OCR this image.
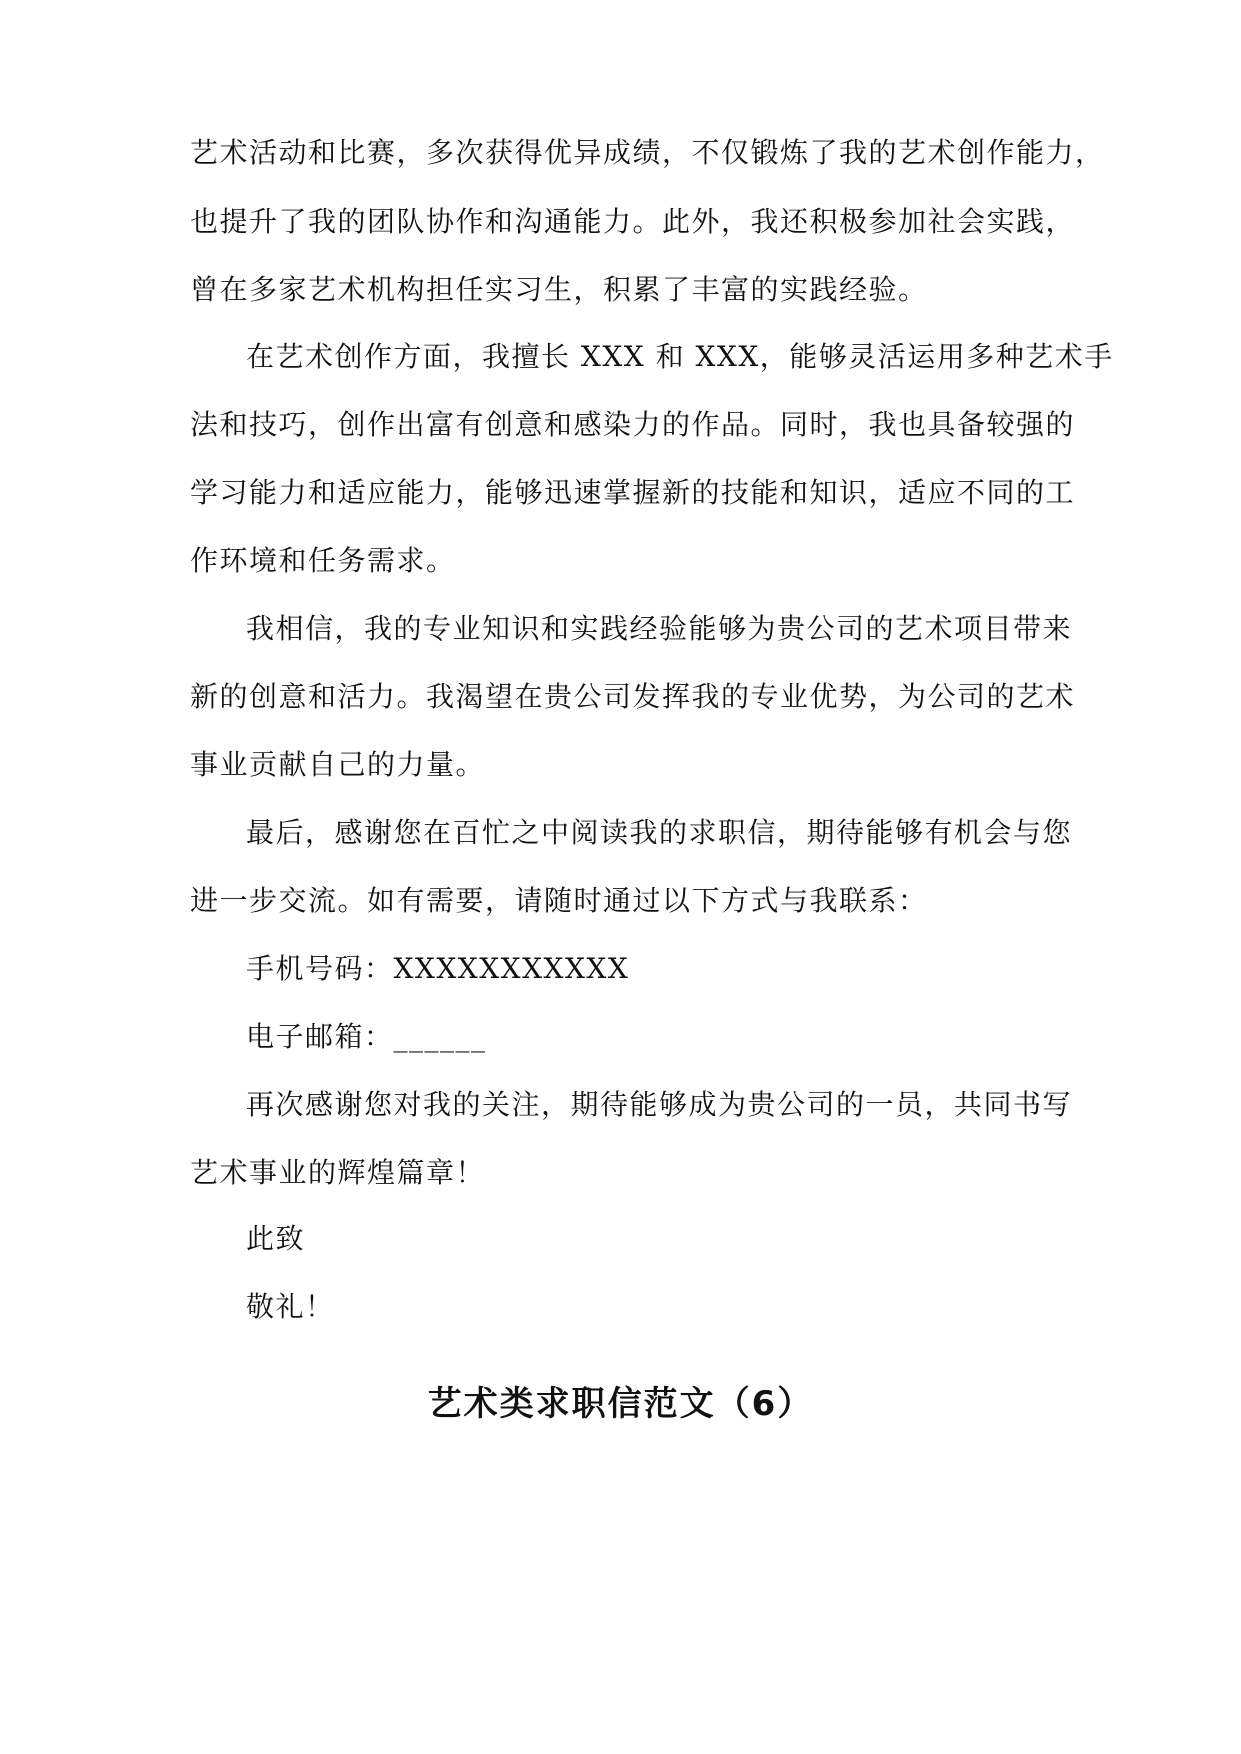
艺术活动和比赛，多次获得优异成绩，不仅锻炼了我的艺术创作能力，
也提升了我的团队协作和沟通能力。此外，我还积极参加社会实践，
曾在多家艺术机构担任实习生，积累了丰富的实践经验。
在艺术创作方面，我擅长 XXX 和 XXX，能够灵活运用多种艺术手
法和技巧，创作出富有创意和感染力的作品。同时，我也具备较强的
学习能力和适应能力，能够迅速掌握新的技能和知识，适应不同的工
作环境和任务需求。
我相信，我的专业知识和实践经验能够为贵公司的艺术项目带来
新的创意和活力。我渴望在贵公司发挥我的专业优势，为公司的艺术
事业贡献自己的力量。
最后，感谢您在百忙之中阅读我的求职信，期待能够有机会与您
进一步交流。如有需要，请随时通过以下方式与我联系：
手机号码：XXXXXXXXXXX
电子邮箱：______
再次感谢您对我的关注，期待能够成为贵公司的一员，共同书写
艺术事业的辉煌篇章！
此致
敬礼！
艺术类求职信范文（6）
